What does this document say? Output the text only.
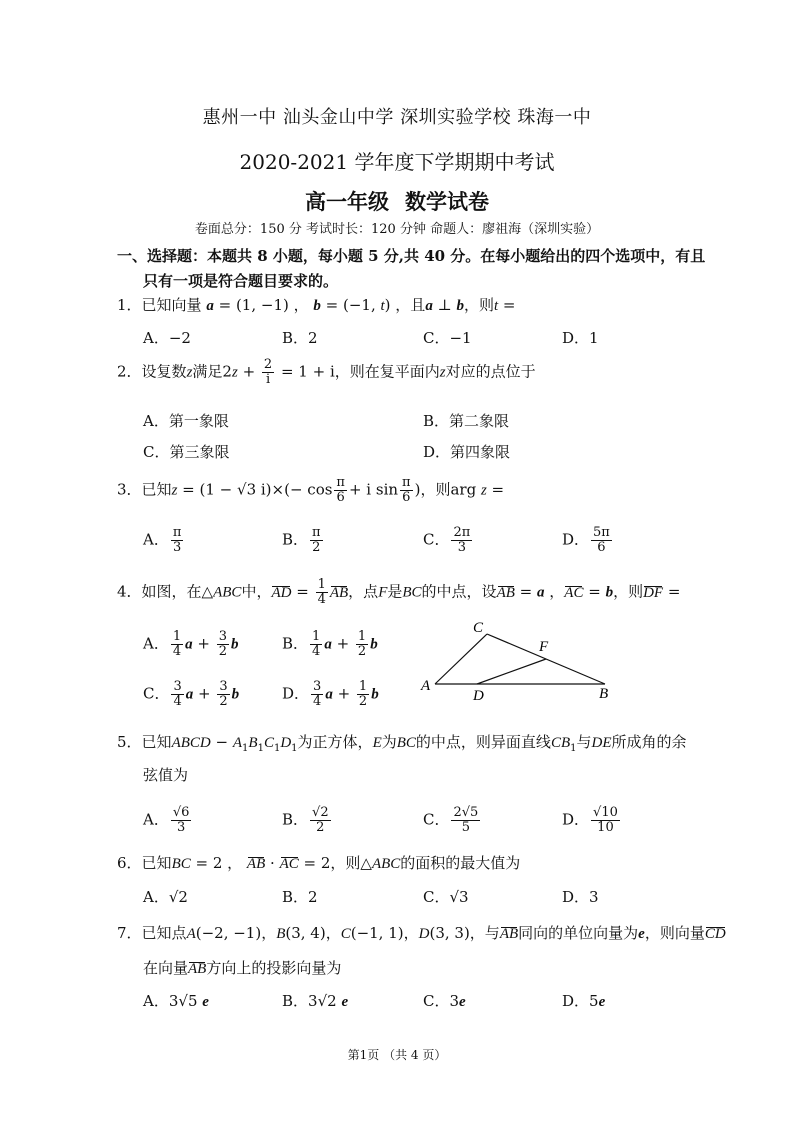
惠州一中 汕头金山中学 深圳实验学校 珠海一中
2020-2021 学年度下学期期中考试
高一年级 数学试卷
卷面总分：150 分 考试时长：120 分钟 命题人：廖祖海（深圳实验）
一、选择题：本题共 8 小题，每小题 5 分,共 40 分。在每小题给出的四个选项中，有且
只有一项是符合题目要求的。
1．已知向量 a = (1, −1) ， b = (−1, t) ，且a ⊥ b，则t =
A．−2	B．2	C．−1	D．1
2．设复数z满足$2z + \frac{2}{i} = 1 + i$，则在复平面内z对应的点位于
A．第一象限	B．第二象限
C．第三象限	D．第四象限
3．已知z = (1 − √3 $i)\times(- \cos \frac{\pi}{6} + i$ $\sin \frac{\pi}{6}$ )，则arg z =
A． $\frac{\pi}{3}$	B． $\frac{\pi}{2}$	C． $\frac{2\pi}{3}$	D． $\frac{5\pi}{6}$
4．如图，在△ABC中，AD = $\frac{1}{4}$ AB，点F是BC的中点，设AB = a ，AC = b，则DF =
A． $\frac{1}{4}$ $a + \frac{3}{2}$ b	B． $\frac{1}{4}$ $a + \frac{1}{2}$ b
C． $\frac{3}{4}$ $a + \frac{3}{2}$ b	D． $\frac{3}{4}$ $a + \frac{1}{2}$ b
A	B
C
D
F
5．已知ABCD − $A_1B_1C_1D_1$为正方体，E为BC的中点，则异面直线$CB_1$与DE所成角的余
弦值为
A． $\frac{√6}{3}$	B． $\frac{√2}{2}$	C． $\frac{2√5}{5}$	D． $\frac{√10}{10}$
6．已知BC = 2 ， AB · AC = 2，则△ABC的面积的最大值为
A．√2	B．2	C．√3	D．3
7．已知点A(−2, −1)，B(3, 4)，C(−1, 1)，D(3, 3)，与AB同向的单位向量为e，则向量CD
在向量AB方向上的投影向量为
A．3√5 e	B．3√2 e	C．3e	D．5e
第1页 （共 4 页）
